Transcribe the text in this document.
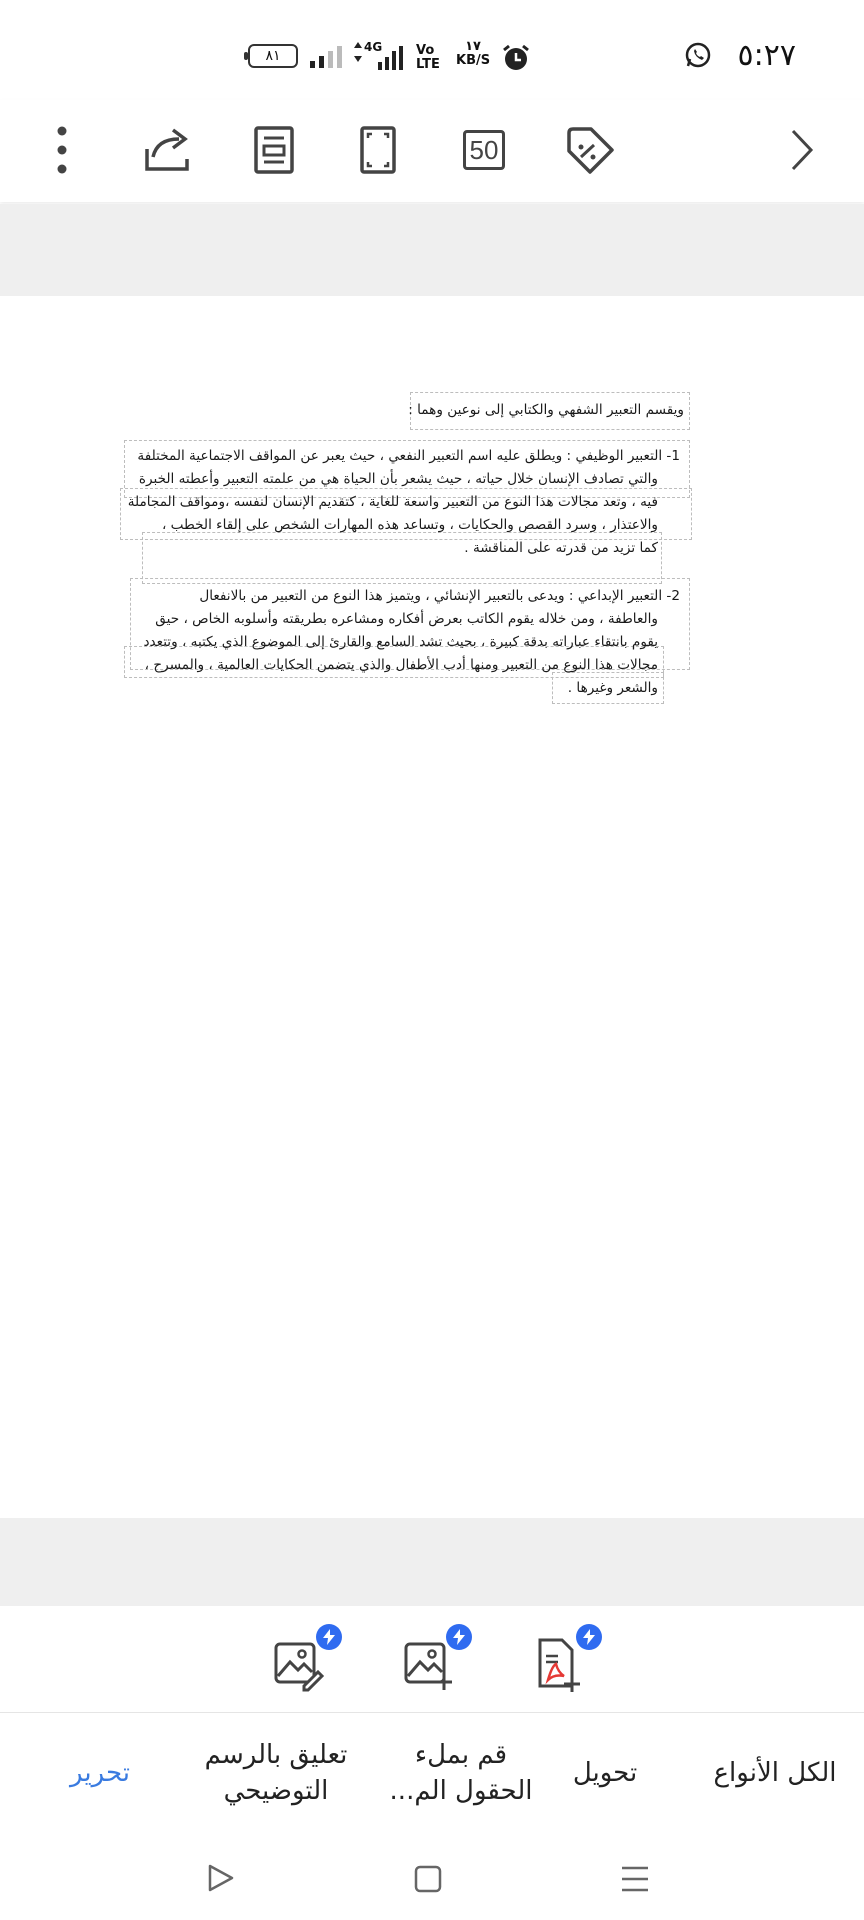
٥:٢٧
١٧
KB/S
Vo
LTE
4G
٨١
50
ويقسم التعبير الشفهي والكتابي إلى نوعين وهما :
1- التعبير الوظيفي : ويطلق عليه اسم التعبير النفعي ، حيث يعبر عن المواقف الاجتماعية المختلفة
والتي تصادف الإنسان خلال حياته ، حيث يشعر بأن الحياة هي من علمته التعبير وأعطته الخبرة
فيه ، وتعد مجالات هذا النوع من التعبير واسعة للغاية ، كتقديم الإنسان لنفسه ،ومواقف المجاملة
والاعتذار ، وسرد القصص والحكايات ، وتساعد هذه المهارات الشخص على إلقاء الخطب ،
كما تزيد من قدرته على المناقشة .
2- التعبير الإبداعي : ويدعى بالتعبير الإنشائي ، ويتميز هذا النوع من التعبير من بالانفعال
والعاطفة ، ومن خلاله يقوم الكاتب بعرض أفكاره ومشاعره بطريقته وأسلوبه الخاص ، حيق
يقوم بانتقاء عباراته بدقة كبيرة ، بحيث تشد السامع والقارئ إلى الموضوع الذي يكتبه ، وتتعدد
مجالات هذا النوع من التعبير ومنها أدب الأطفال والذي يتضمن الحكايات العالمية ، والمسرح ،
والشعر وغيرها .
الكل الأنواع
تحويل
قم بملء
الحقول الم...
تعليق بالرسم
التوضيحي
تحرير
